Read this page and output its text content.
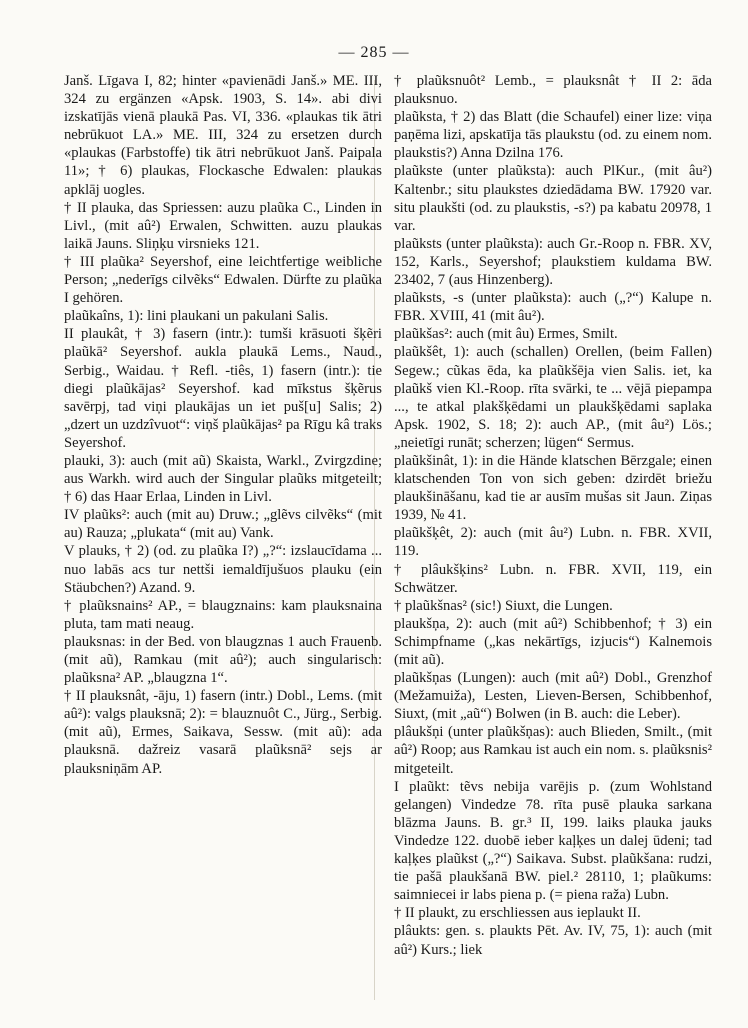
— 285 —

Janš. Līgava I, 82; hinter «pavienādi Janš.» ME. III, 324 zu ergänzen «Apsk. 1903, S. 14». abi divi izskatījās vienā plaukā Pas. VI, 336. «plaukas tik ātri nebrūkuot LA.» ME. III, 324 zu ersetzen durch «plaukas (Farbstoffe) tik ātri nebrūkuot Janš. Paipala 11»; † 6) plaukas, Flockasche Edwalen: plaukas apklāj uogles.

† II plauka, das Spriessen: auzu plaũka C., Linden in Livl., (mit aû²) Erwalen, Schwitten. auzu plaukas laikā Jauns. Sliņķu virsnieks 121.

† III plaũka² Seyershof, eine leichtfertige weibliche Person; „nederīgs cilvẽks“ Edwalen. Dürfte zu plaũka I gehören.

plaũkaîns, 1): lini plaukani un pakulani Salis.

II plaukât, † 3) fasern (intr.): tumši krāsuoti šķẽri plaũkā² Seyershof. aukla plaukā Lems., Naud., Serbig., Waidau. † Refl. -tiês, 1) fasern (intr.): tie diegi plaũkājas² Seyershof. kad mīkstus šķẽrus savērpj, tad viņi plaukājas un iet puš[u] Salis; 2) „dzert un uzdzîvuot“: viņš plaũkājas² pa Rīgu kâ traks Seyershof.

plauki, 3): auch (mit aũ) Skaista, Warkl., Zvirgzdine; aus Warkh. wird auch der Singular plaũks mitgeteilt; † 6) das Haar Erlaa, Linden in Livl.

IV plaũks²: auch (mit au) Druw.; „glẽvs cilvẽks“ (mit au) Rauza; „plukata“ (mit au) Vank.

V plauks, † 2) (od. zu plaũka I?) „?“: izslaucīdama ... nuo labās acs tur nettši iemaldījušuos plauku (ein Stäubchen?) Azand. 9.

† plaũksnains² AP., = blaugznains: kam plauksnaina pluta, tam mati neaug.

plauksnas: in der Bed. von blaugznas 1 auch Frauenb. (mit aũ), Ramkau (mit aû²); auch singularisch: plaũksna² AP. „blaugzna 1“.

† II plauksnât, -āju, 1) fasern (intr.) Dobl., Lems. (mit aû²): valgs plauksnā; 2): = blauznuôt C., Jürg., Serbig. (mit aũ), Ermes, Saikava, Sessw. (mit aũ): ada plauksnā. dažreiz vasarā plaũksnā² sejs ar plauksniņām AP.

† plaũksnuôt² Lemb., = plauksnât † II 2: āda plauksnuo.

plaũksta, † 2) das Blatt (die Schaufel) einer lize: viņa paņēma lizi, apskatīja tās plaukstu (od. zu einem nom. plaukstis?) Anna Dzilna 176.

plaũkste (unter plaũksta): auch PlKur., (mit âu²) Kaltenbr.; situ plaukstes dziedādama BW. 17920 var. situ plaukšti (od. zu plaukstis, -s?) pa kabatu 20978, 1 var.

plaũksts (unter plaũksta): auch Gr.-Roop n. FBR. XV, 152, Karls., Seyershof; plaukstiem kuldama BW. 23402, 7 (aus Hinzenberg).

plaũksts, -s (unter plaũksta): auch („?“) Kalupe n. FBR. XVIII, 41 (mit âu²).

plaũkšas²: auch (mit âu) Ermes, Smilt.

plaũkšêt, 1): auch (schallen) Orellen, (beim Fallen) Segew.; cũkas ēda, ka plaũkšēja vien Salis. iet, ka plaũkš vien Kl.-Roop. rīta svārki, te ... vējā piepampa ..., te atkal plakšķēdami un plaukšķēdami saplaka Apsk. 1902, S. 18; 2): auch AP., (mit âu²) Lös.; „neietīgi runāt; scherzen; lügen“ Sermus.

plaũkšinât, 1): in die Hände klatschen Bērzgale; einen klatschenden Ton von sich geben: dzirdēt briežu plaukšināšanu, kad tie ar ausīm mušas sit Jaun. Ziņas 1939, № 41.

plaũkšķêt, 2): auch (mit âu²) Lubn. n. FBR. XVII, 119.

† plâukšķins² Lubn. n. FBR. XVII, 119, ein Schwätzer.

† plaũkšnas² (sic!) Siuxt, die Lungen.

plaukšņa, 2): auch (mit aû²) Schibbenhof; † 3) ein Schimpfname („kas nekārtīgs, izjucis“) Kalnemois (mit aũ).

plaũkšņas (Lungen): auch (mit aû²) Dobl., Grenzhof (Mežamuiža), Lesten, Lieven-Bersen, Schibbenhof, Siuxt, (mit „aũ“) Bolwen (in B. auch: die Leber).

plâukšņi (unter plaũkšņas): auch Blieden, Smilt., (mit aû²) Roop; aus Ramkau ist auch ein nom. s. plaũksnis² mitgeteilt.

I plaũkt: tẽvs nebija varējis p. (zum Wohlstand gelangen) Vindedze 78. rīta pusē plauka sarkana blāzma Jauns. B. gr.³ II, 199. laiks plauka jauks Vindedze 122. duobē ieber kaļķes un dalej ūdeni; tad kaļķes plaũkst („?“) Saikava. Subst. plaũkšana: rudzi, tie pašā plaukšanā BW. piel.² 28110, 1; plaũkums: saimniecei ir labs piena p. (= piena raža) Lubn.

† II plaukt, zu erschliessen aus ieplaukt II.

plâukts: gen. s. plaukts Pēt. Av. IV, 75, 1): auch (mit aû²) Kurs.; liek
